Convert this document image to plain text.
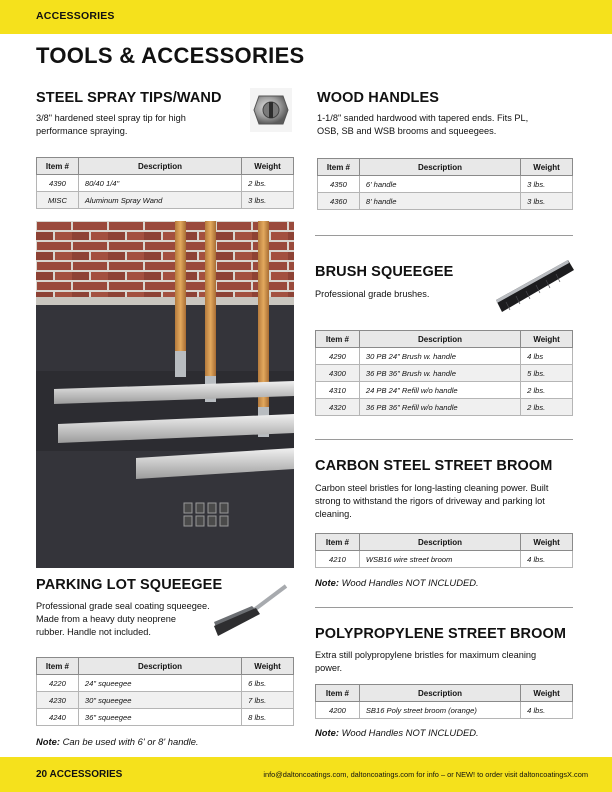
ACCESSORIES
TOOLS & ACCESSORIES
STEEL SPRAY TIPS/WAND
3/8" hardened steel spray tip for high
performance spraying.
Item #	Description	Weight
4390	80/40 1/4"	2 lbs.
MISC	Aluminum Spray Wand	3 lbs.
PARKING LOT SQUEEGEE
Professional grade seal coating squeegee.
Made from a heavy duty neoprene
rubber. Handle not included.
Item #	Description	Weight
4220	24" squeegee	6 lbs.
4230	30" squeegee	7 lbs.
4240	36" squeegee	8 lbs.
Note: Can be used with 6' or 8' handle.
WOOD HANDLES
1-1/8" sanded hardwood with tapered ends. Fits PL,
OSB, SB and WSB brooms and squeegees.
Item #	Description	Weight
4350	6' handle	3 lbs.
4360	8' handle	3 lbs.
BRUSH SQUEEGEE
Professional grade brushes.
Item #	Description	Weight
4290	30 PB 24" Brush w. handle	4 lbs
4300	36 PB 36" Brush w. handle	5 lbs.
4310	24 PB 24" Refill w/o handle	2 lbs.
4320	36 PB 36" Refill w/o handle	2 lbs.
CARBON STEEL STREET BROOM
Carbon steel bristles for long-lasting cleaning power. Built
strong to withstand the rigors of driveway and parking lot
cleaning.
Item #	Description	Weight
4210	WSB16 wire street broom	4 lbs.
Note: Wood Handles NOT INCLUDED.
POLYPROPYLENE STREET BROOM
Extra still polypropylene bristles for maximum cleaning
power.
Item #	Description	Weight
4200	SB16 Poly street broom (orange)	4 lbs.
Note: Wood Handles NOT INCLUDED.
20 ACCESSORIES	info@daltoncoatings.com, daltoncoatings.com for info – or NEW! to order visit daltoncoatingsX.com
